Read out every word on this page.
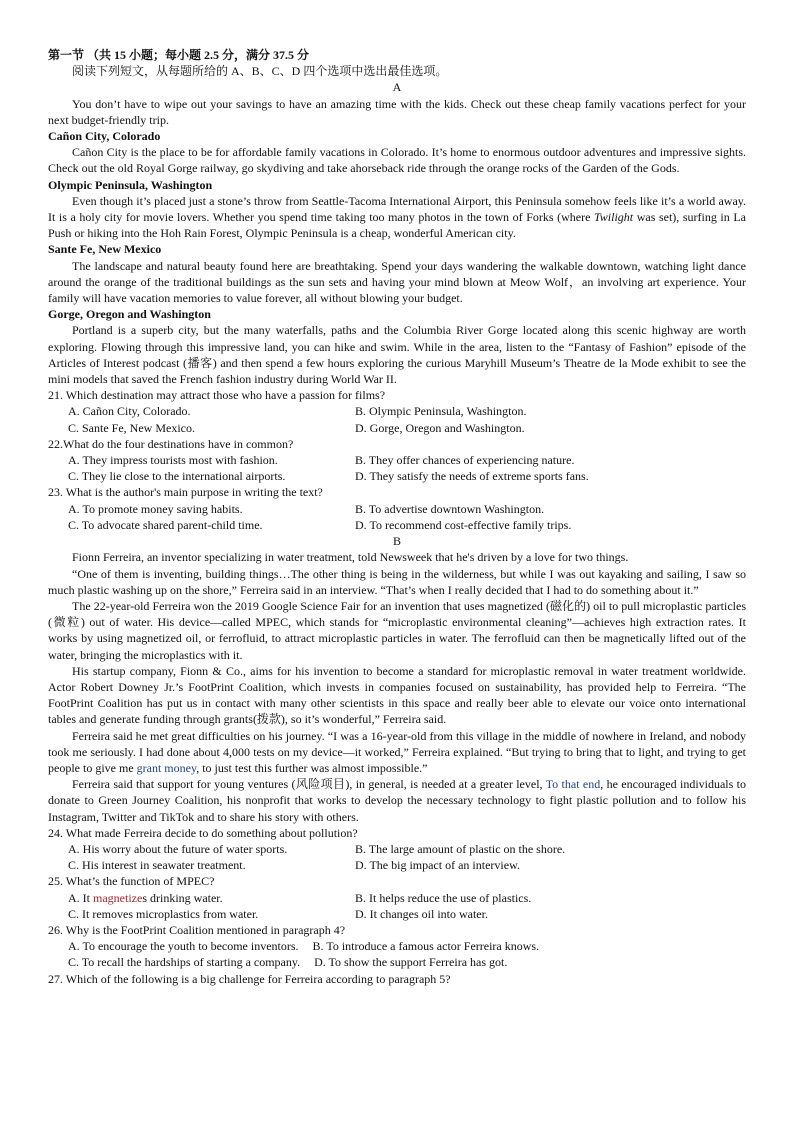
第一节 （共 15 小题；每小题 2.5 分，满分 37.5 分

阅读下列短文，从每题所给的 A、B、C、D 四个选项中选出最佳选项。

A

You don’t have to wipe out your savings to have an amazing time with the kids. Check out these cheap family vacations perfect for your next budget-friendly trip.

Cañon City, Colorado

Cañon City is the place to be for affordable family vacations in Colorado. It’s home to enormous outdoor adventures and impressive sights. Check out the old Royal Gorge railway, go skydiving and take ahorseback ride through the orange rocks of the Garden of the Gods.

Olympic Peninsula, Washington

Even though it’s placed just a stone’s throw from Seattle-Tacoma International Airport, this Peninsula somehow feels like it’s a world away. It is a holy city for movie lovers. Whether you spend time taking too many photos in the town of Forks (where Twilight was set), surfing in La Push or hiking into the Hoh Rain Forest, Olympic Peninsula is a cheap, wonderful American city.

Sante Fe, New Mexico

The landscape and natural beauty found here are breathtaking. Spend your days wandering the walkable downtown, watching light dance around the orange of the traditional buildings as the sun sets and having your mind blown at Meow Wolf，an involving art experience. Your family will have vacation memories to value forever, all without blowing your budget.

Gorge, Oregon and Washington

Portland is a superb city, but the many waterfalls, paths and the Columbia River Gorge located along this scenic highway are worth exploring. Flowing through this impressive land, you can hike and swim. While in the area, listen to the “Fantasy of Fashion” episode of the Articles of Interest podcast (播客) and then spend a few hours exploring the curious Maryhill Museum’s Theatre de la Mode exhibit to see the mini models that saved the French fashion industry during World War II.

21. Which destination may attract those who have a passion for films?

A. Cañon City, Colorado.	B. Olympic Peninsula, Washington.
C. Sante Fe, New Mexico.	D. Gorge, Oregon and Washington.

22.What do the four destinations have in common?

A. They impress tourists most with fashion.	B. They offer chances of experiencing nature.
C. They lie close to the international airports.	D. They satisfy the needs of extreme sports fans.

23. What is the author's main purpose in writing the text?

A. To promote money saving habits.	B. To advertise downtown Washington.
C. To advocate shared parent-child time.	D. To recommend cost-effective family trips.

B

Fionn Ferreira, an inventor specializing in water treatment, told Newsweek that he's driven by a love for two things.

“One of them is inventing, building things…The other thing is being in the wilderness, but while I was out kayaking and sailing, I saw so much plastic washing up on the shore,” Ferreira said in an interview. “That’s when I really decided that I had to do something about it.”

The 22-year-old Ferreira won the 2019 Google Science Fair for an invention that uses magnetized (磁化的) oil to pull microplastic particles (微粒) out of water. His device—called MPEC, which stands for “microplastic environmental cleaning”—achieves high extraction rates. It works by using magnetized oil, or ferrofluid, to attract microplastic particles in water. The ferrofluid can then be magnetically lifted out of the water, bringing the microplastics with it.

His startup company, Fionn & Co., aims for his invention to become a standard for microplastic removal in water treatment worldwide. Actor Robert Downey Jr.’s FootPrint Coalition, which invests in companies focused on sustainability, has provided help to Ferreira. “The FootPrint Coalition has put us in contact with many other scientists in this space and really beer able to elevate our voice onto international tables and generate funding through grants(拨款), so it’s wonderful,” Ferreira said.

Ferreira said he met great difficulties on his journey. “I was a 16-year-old from this village in the middle of nowhere in Ireland, and nobody took me seriously. I had done about 4,000 tests on my device—it worked,” Ferreira explained. “But trying to bring that to light, and trying to get people to give me grant money, to just test this further was almost impossible.”

Ferreira said that support for young ventures (风险项目), in general, is needed at a greater level, To that end, he encouraged individuals to donate to Green Journey Coalition, his nonprofit that works to develop the necessary technology to fight plastic pollution and to follow his Instagram, Twitter and TikTok and to share his story with others.

24. What made Ferreira decide to do something about pollution?

A. His worry about the future of water sports.	B. The large amount of plastic on the shore.
C. His interest in seawater treatment.	D. The big impact of an interview.

25. What’s the function of MPEC?

A. It magnetizes drinking water.	B. It helps reduce the use of plastics.
C. It removes microplastics from water.	D. It changes oil into water.

26. Why is the FootPrint Coalition mentioned in paragraph 4?

A. To encourage the youth to become inventors. B. To introduce a famous actor Ferreira knows.
C. To recall the hardships of starting a company. D. To show the support Ferreira has got.

27. Which of the following is a big challenge for Ferreira according to paragraph 5?
